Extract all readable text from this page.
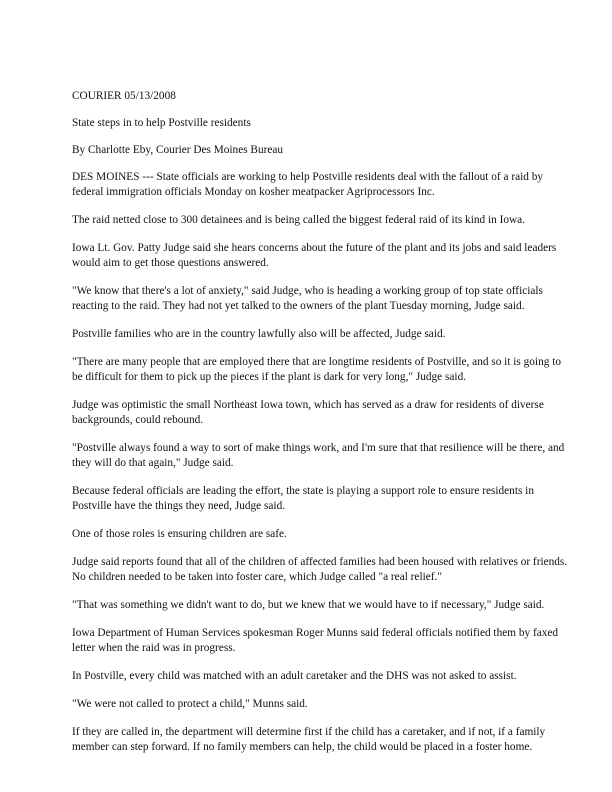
COURIER 05/13/2008

State steps in to help Postville residents

By Charlotte Eby, Courier Des Moines Bureau

DES MOINES --- State officials are working to help Postville residents deal with the fallout of a raid by federal immigration officials Monday on kosher meatpacker Agriprocessors Inc.

The raid netted close to 300 detainees and is being called the biggest federal raid of its kind in Iowa.

Iowa Lt. Gov. Patty Judge said she hears concerns about the future of the plant and its jobs and said leaders would aim to get those questions answered.

"We know that there's a lot of anxiety," said Judge, who is heading a working group of top state officials reacting to the raid. They had not yet talked to the owners of the plant Tuesday morning, Judge said.

Postville families who are in the country lawfully also will be affected, Judge said.

"There are many people that are employed there that are longtime residents of Postville, and so it is going to be difficult for them to pick up the pieces if the plant is dark for very long," Judge said.

Judge was optimistic the small Northeast Iowa town, which has served as a draw for residents of diverse backgrounds, could rebound.

"Postville always found a way to sort of make things work, and I'm sure that that resilience will be there, and they will do that again," Judge said.

Because federal officials are leading the effort, the state is playing a support role to ensure residents in Postville have the things they need, Judge said.

One of those roles is ensuring children are safe.

Judge said reports found that all of the children of affected families had been housed with relatives or friends. No children needed to be taken into foster care, which Judge called "a real relief."

"That was something we didn't want to do, but we knew that we would have to if necessary," Judge said.

Iowa Department of Human Services spokesman Roger Munns said federal officials notified them by faxed letter when the raid was in progress.

In Postville, every child was matched with an adult caretaker and the DHS was not asked to assist.

"We were not called to protect a child," Munns said.

If they are called in, the department will determine first if the child has a caretaker, and if not, if a family member can step forward. If no family members can help, the child would be placed in a foster home.
